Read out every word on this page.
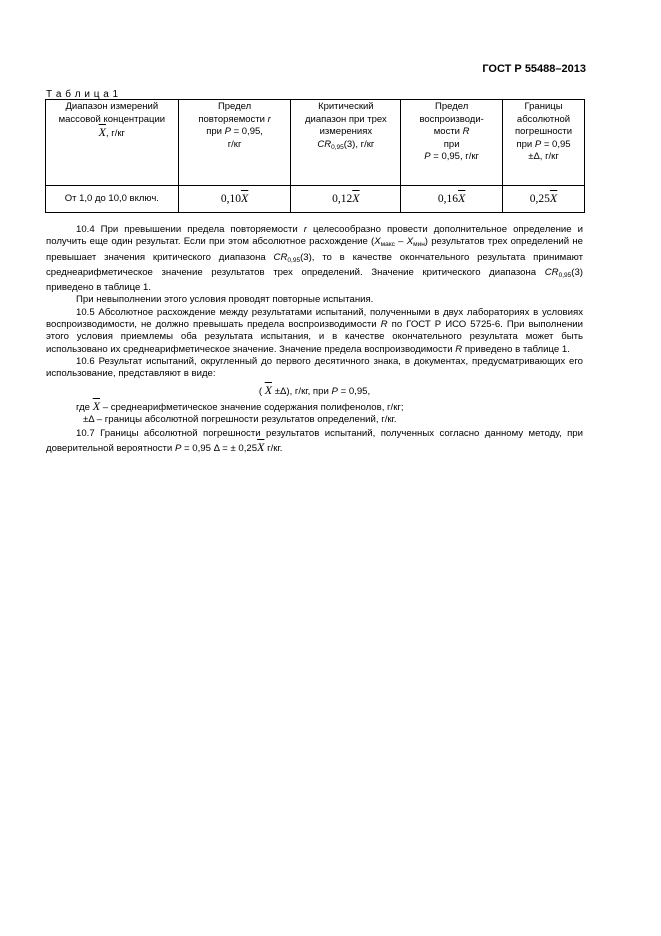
ГОСТ Р 55488–2013
Т а б л и ц а 1
Диапазон измерений
массовой концентрации
$\overline{X}$, г/кг	Предел
повторяемости r
при P = 0,95,
г/кг	Критический
диапазон при трех
измерениях
$CR_{0,95}(3)$, г/кг	Предел
воспроизводи-
мости R
при
P = 0,95, г/кг	Границы
абсолютной
погрешности
при P = 0,95
±Δ, г/кг
От 1,0 до 10,0 включ.	$0,10\overline{X}$	$0,12\overline{X}$	$0,16\overline{X}$	$0,25\overline{X}$

10.4 При превышении предела повторяемости r целесообразно провести дополнительное определение и получить еще один результат. Если при этом абсолютное расхождение $(X_{макс} - X_{мин})$ результатов трех определений не превышает значения критического диапазона $CR_{0,95}(3)$, то в качестве окончательного результата принимают среднеарифметическое значение результатов трех определений. Значение критического диапазона $CR_{0,95}(3)$ приведено в таблице 1.

При невыполнении этого условия проводят повторные испытания.

10.5 Абсолютное расхождение между результатами испытаний, полученными в двух лабораториях в условиях воспроизводимости, не должно превышать предела воспроизводимости R по ГОСТ Р ИСО 5725-6. При выполнении этого условия приемлемы оба результата испытания, и в качестве окончательного результата может быть использовано их среднеарифметическое значение. Значение предела воспроизводимости R приведено в таблице 1.

10.6 Результат испытаний, округленный до первого десятичного знака, в документах, предусматривающих его использование, представляют в виде:

( $\overline{X} \pm\Delta$), г/кг, при P = 0,95,

где $\overline{X}$ – среднеарифметическое значение содержания полифенолов, г/кг;

±Δ – границы абсолютной погрешности результатов определений, г/кг.

10.7 Границы абсолютной погрешности результатов испытаний, полученных согласно данному методу, при доверительной вероятности P = 0,95 Δ = ± $0,25\overline{X}$ г/кг.
